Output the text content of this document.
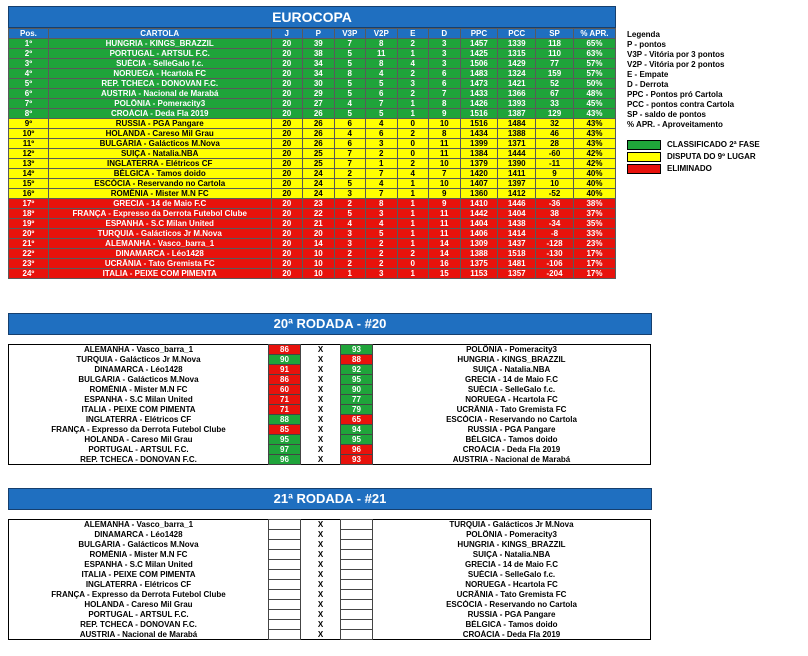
EUROCOPA
Pos.	CARTOLA	J	P	V3P	V2P	E	D	PPC	PCC	SP	% APR.
1º	HUNGRIA - KINGS_BRAZZIL	20	39	7	8	2	3	1457	1339	118	65%
2º	PORTUGAL - ARTSUL F.C.	20	38	5	11	1	3	1425	1315	110	63%
3º	SUÉCIA - SelleGalo f.c.	20	34	5	8	4	3	1506	1429	77	57%
4º	NORUEGA - Hcartola FC	20	34	8	4	2	6	1483	1324	159	57%
5º	REP. TCHECA - DONOVAN F.C.	20	30	5	5	3	6	1473	1421	52	50%
6º	AUSTRIA - Nacional de Marabá	20	29	5	6	2	7	1433	1366	67	48%
7º	POLÔNIA - Pomeracity3	20	27	4	7	1	8	1426	1393	33	45%
8º	CROÁCIA - Deda Fla 2019	20	26	5	5	1	9	1516	1387	129	43%
9º	RUSSIA - PGA Pangare	20	26	6	4	0	10	1516	1484	32	43%
10º	HOLANDA - Careso Mil Grau	20	26	4	6	2	8	1434	1388	46	43%
11º	BULGÁRIA - Galácticos M.Nova	20	26	6	3	0	11	1399	1371	28	43%
12º	SUIÇA - Natalia.NBA	20	25	7	2	0	11	1384	1444	-60	42%
13º	INGLATERRA - Elétricos CF	20	25	7	1	2	10	1379	1390	-11	42%
14º	BÉLGICA - Tamos doido	20	24	2	7	4	7	1420	1411	9	40%
15º	ESCÓCIA - Reservando no Cartola	20	24	5	4	1	10	1407	1397	10	40%
16º	ROMÊNIA - Mister M.N FC	20	24	3	7	1	9	1360	1412	-52	40%
17º	GRECIA - 14 de Maio F.C	20	23	2	8	1	9	1410	1446	-36	38%
18º	FRANÇA - Expresso da Derrota Futebol Clube	20	22	5	3	1	11	1442	1404	38	37%
19º	ESPANHA - S.C Milan United	20	21	4	4	1	11	1404	1438	-34	35%
20º	TURQUIA - Galácticos Jr M.Nova	20	20	3	5	1	11	1406	1414	-8	33%
21º	ALEMANHA - Vasco_barra_1	20	14	3	2	1	14	1309	1437	-128	23%
22º	DINAMARCA - Léo1428	20	10	2	2	2	14	1388	1518	-130	17%
23º	UCRÂNIA - Tato Gremista FC	20	10	2	2	0	16	1375	1481	-106	17%
24º	ITALIA - PEIXE COM PIMENTA	20	10	1	3	1	15	1153	1357	-204	17%
Legenda
P - pontos
V3P - Vitória por 3 pontos
V2P - Vitória por 2 pontos
E - Empate
D - Derrota
PPC - Pontos pró Cartola
PCC - pontos contra Cartola
SP - saldo de pontos
% APR. - Aproveitamento
CLASSIFICADO 2ª FASE
DISPUTA DO 9º LUGAR
ELIMINADO
20ª RODADA - #20
ALEMANHA - Vasco_barra_1	86	X	93	POLÔNIA - Pomeracity3
TURQUIA - Galácticos Jr M.Nova	90	X	88	HUNGRIA - KINGS_BRAZZIL
DINAMARCA - Léo1428	91	X	92	SUIÇA - Natalia.NBA
BULGÁRIA - Galácticos M.Nova	86	X	95	GRECIA - 14 de Maio F.C
ROMÊNIA - Mister M.N FC	60	X	90	SUÉCIA - SelleGalo f.c.
ESPANHA - S.C Milan United	71	X	77	NORUEGA - Hcartola FC
ITALIA - PEIXE COM PIMENTA	71	X	79	UCRÂNIA - Tato Gremista FC
INGLATERRA - Elétricos CF	88	X	65	ESCÓCIA - Reservando no Cartola
FRANÇA - Expresso da Derrota Futebol Clube	85	X	94	RUSSIA - PGA Pangare
HOLANDA - Careso Mil Grau	95	X	95	BÉLGICA - Tamos doido
PORTUGAL - ARTSUL F.C.	97	X	96	CROÁCIA - Deda Fla 2019
REP. TCHECA - DONOVAN F.C.	96	X	93	AUSTRIA - Nacional de Marabá
21ª RODADA - #21
ALEMANHA - Vasco_barra_1		X		TURQUIA - Galácticos Jr M.Nova
DINAMARCA - Léo1428		X		POLÔNIA - Pomeracity3
BULGÁRIA - Galácticos M.Nova		X		HUNGRIA - KINGS_BRAZZIL
ROMÊNIA - Mister M.N FC		X		SUIÇA - Natalia.NBA
ESPANHA - S.C Milan United		X		GRECIA - 14 de Maio F.C
ITALIA - PEIXE COM PIMENTA		X		SUÉCIA - SelleGalo f.c.
INGLATERRA - Elétricos CF		X		NORUEGA - Hcartola FC
FRANÇA - Expresso da Derrota Futebol Clube		X		UCRÂNIA - Tato Gremista FC
HOLANDA - Careso Mil Grau		X		ESCÓCIA - Reservando no Cartola
PORTUGAL - ARTSUL F.C.		X		RUSSIA - PGA Pangare
REP. TCHECA - DONOVAN F.C.		X		BÉLGICA - Tamos doido
AUSTRIA - Nacional de Marabá		X		CROÁCIA - Deda Fla 2019
